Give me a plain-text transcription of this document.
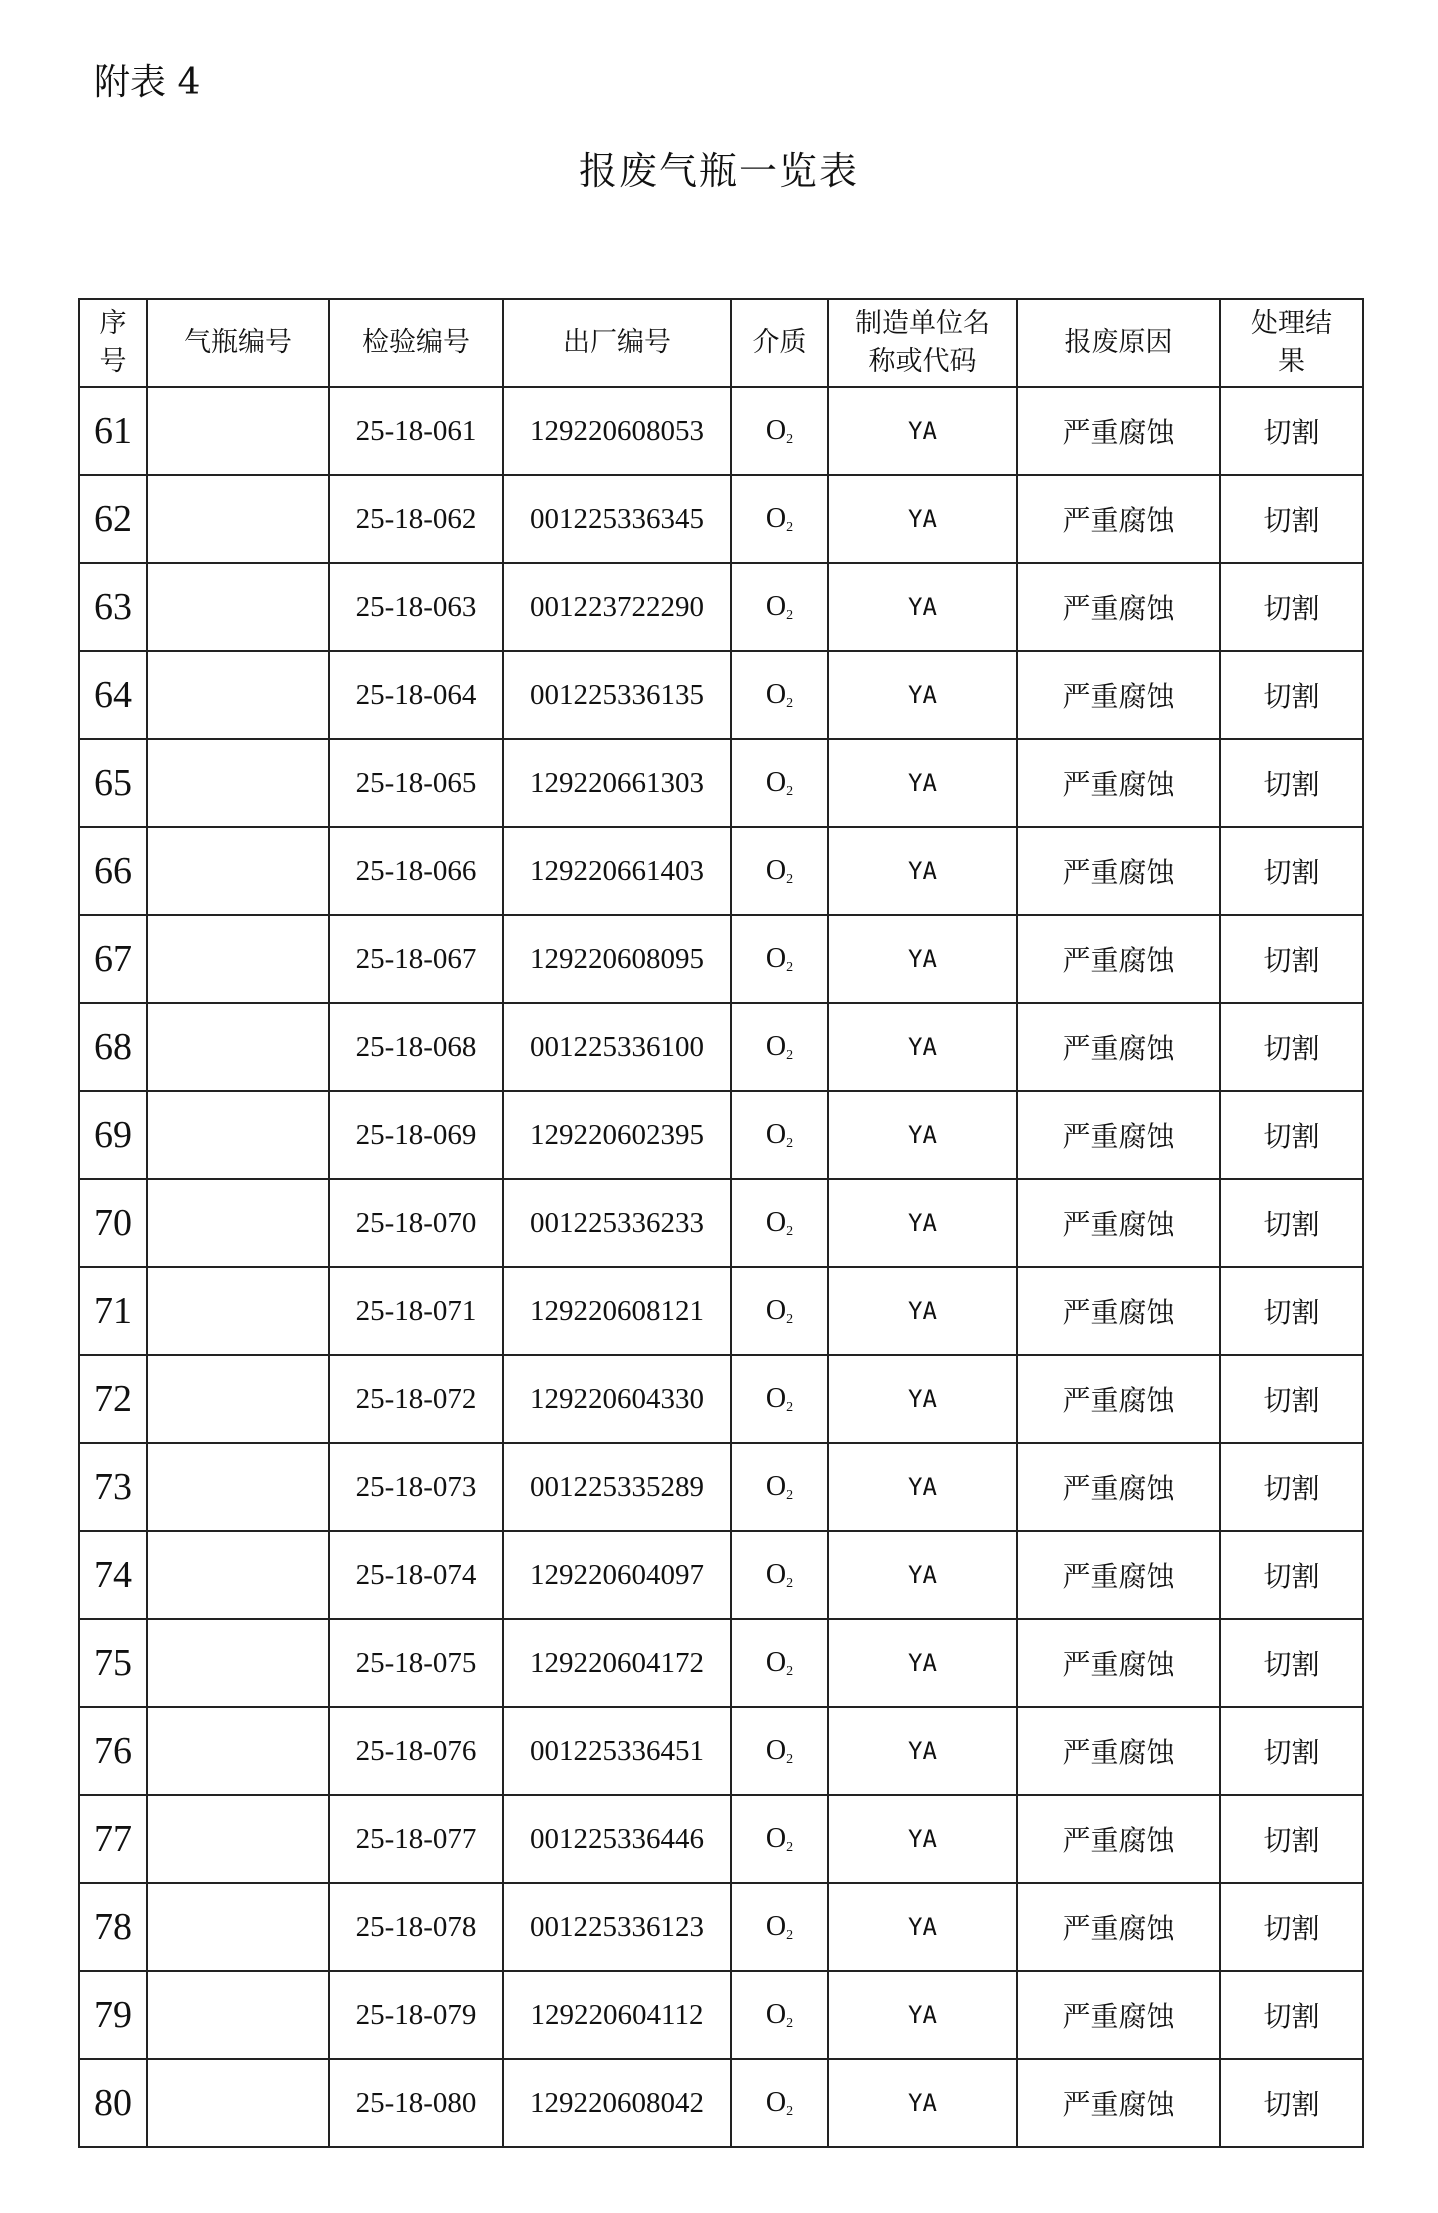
附表 4
报废气瓶一览表
序号	气瓶编号	检验编号	出厂编号	介质	制造单位名称或代码	报废原因	处理结果
61		25-18-061	129220608053	$O_2$	YA	严重腐蚀	切割
62		25-18-062	001225336345	$O_2$	YA	严重腐蚀	切割
63		25-18-063	001223722290	$O_2$	YA	严重腐蚀	切割
64		25-18-064	001225336135	$O_2$	YA	严重腐蚀	切割
65		25-18-065	129220661303	$O_2$	YA	严重腐蚀	切割
66		25-18-066	129220661403	$O_2$	YA	严重腐蚀	切割
67		25-18-067	129220608095	$O_2$	YA	严重腐蚀	切割
68		25-18-068	001225336100	$O_2$	YA	严重腐蚀	切割
69		25-18-069	129220602395	$O_2$	YA	严重腐蚀	切割
70		25-18-070	001225336233	$O_2$	YA	严重腐蚀	切割
71		25-18-071	129220608121	$O_2$	YA	严重腐蚀	切割
72		25-18-072	129220604330	$O_2$	YA	严重腐蚀	切割
73		25-18-073	001225335289	$O_2$	YA	严重腐蚀	切割
74		25-18-074	129220604097	$O_2$	YA	严重腐蚀	切割
75		25-18-075	129220604172	$O_2$	YA	严重腐蚀	切割
76		25-18-076	001225336451	$O_2$	YA	严重腐蚀	切割
77		25-18-077	001225336446	$O_2$	YA	严重腐蚀	切割
78		25-18-078	001225336123	$O_2$	YA	严重腐蚀	切割
79		25-18-079	129220604112	$O_2$	YA	严重腐蚀	切割
80		25-18-080	129220608042	$O_2$	YA	严重腐蚀	切割
